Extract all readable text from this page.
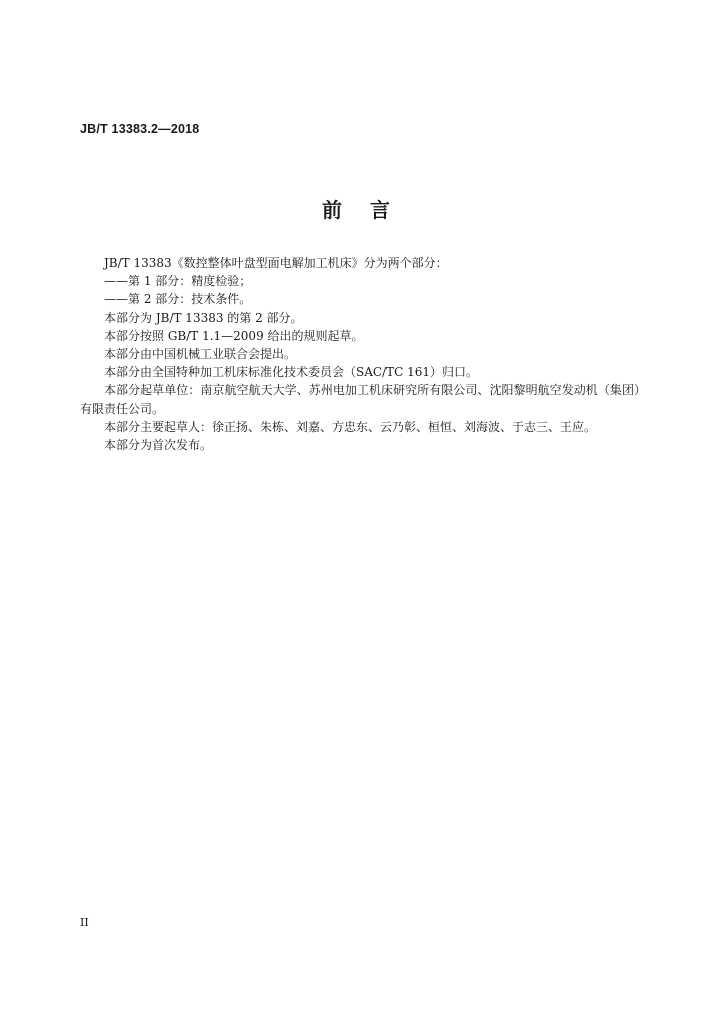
JB/T 13383.2—2018
前言

JB/T 13383《数控整体叶盘型面电解加工机床》分为两个部分：

——第 1 部分：精度检验；

——第 2 部分：技术条件。

本部分为 JB/T 13383 的第 2 部分。

本部分按照 GB/T 1.1—2009 给出的规则起草。

本部分由中国机械工业联合会提出。

本部分由全国特种加工机床标准化技术委员会（SAC/TC 161）归口。

本部分起草单位：南京航空航天大学、苏州电加工机床研究所有限公司、沈阳黎明航空发动机（集团）有限责任公司。

本部分主要起草人：徐正扬、朱栋、刘嘉、方忠东、云乃彰、桓恒、刘海波、于志三、王应。

本部分为首次发布。

II
